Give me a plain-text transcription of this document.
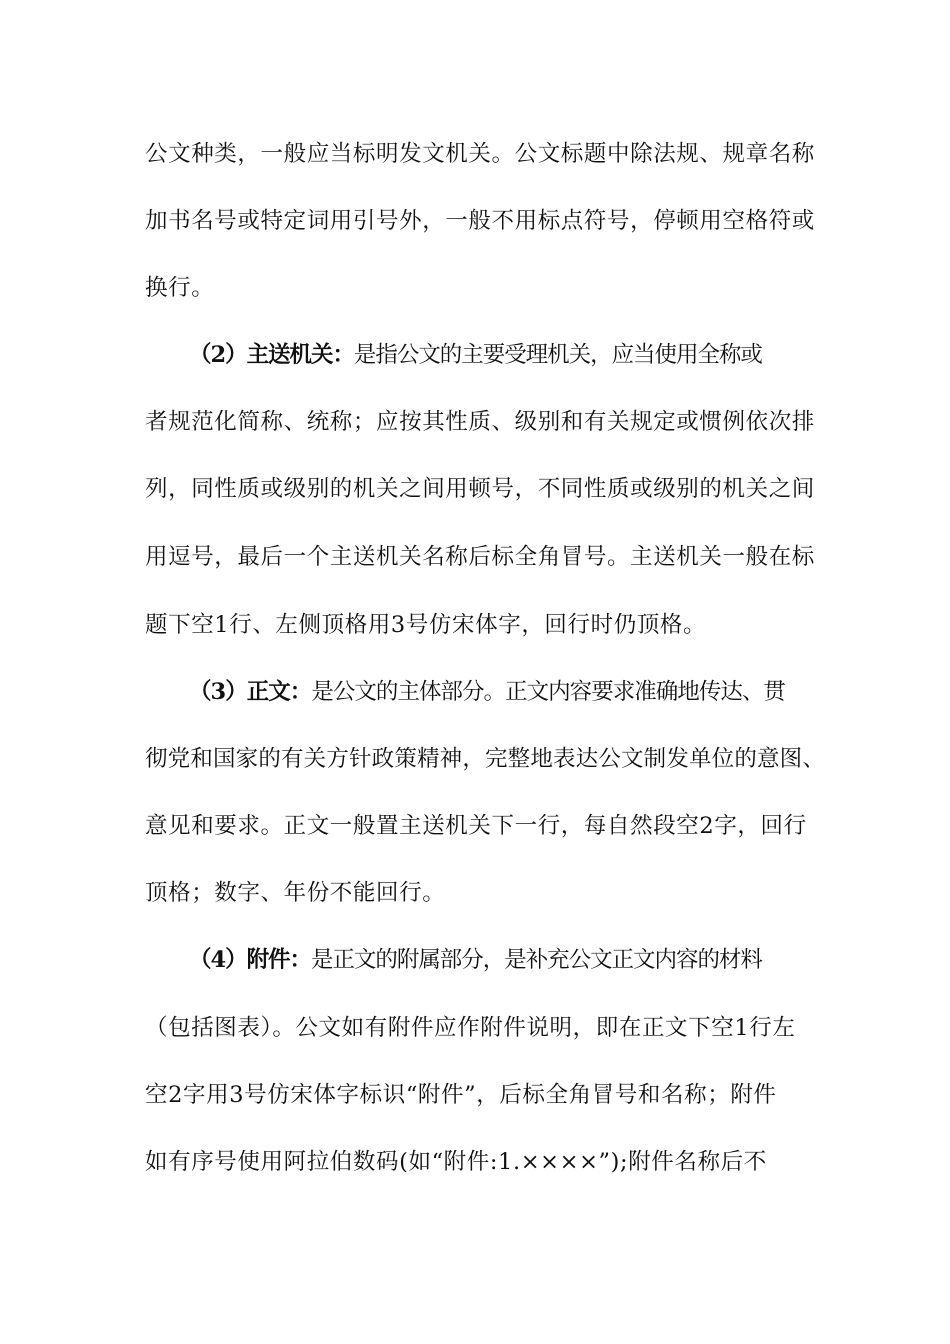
公文种类，一般应当标明发文机关。公文标题中除法规、规章名称
加书名号或特定词用引号外，一般不用标点符号，停顿用空格符或
换行。
（2）主送机关：是指公文的主要受理机关，应当使用全称或
者规范化简称、统称；应按其性质、级别和有关规定或惯例依次排
列，同性质或级别的机关之间用顿号，不同性质或级别的机关之间
用逗号，最后一个主送机关名称后标全角冒号。主送机关一般在标
题下空1行、左侧顶格用3号仿宋体字，回行时仍顶格。
（3）正文：是公文的主体部分。正文内容要求准确地传达、贯
彻党和国家的有关方针政策精神，完整地表达公文制发单位的意图、
意见和要求。正文一般置主送机关下一行，每自然段空2字，回行
顶格；数字、年份不能回行。
（4）附件：是正文的附属部分，是补充公文正文内容的材料
（包括图表）。公文如有附件应作附件说明，即在正文下空1行左
空2字用3号仿宋体字标识“附件”，后标全角冒号和名称；附件
如有序号使用阿拉伯数码(如“附件:1.××××”);附件名称后不
